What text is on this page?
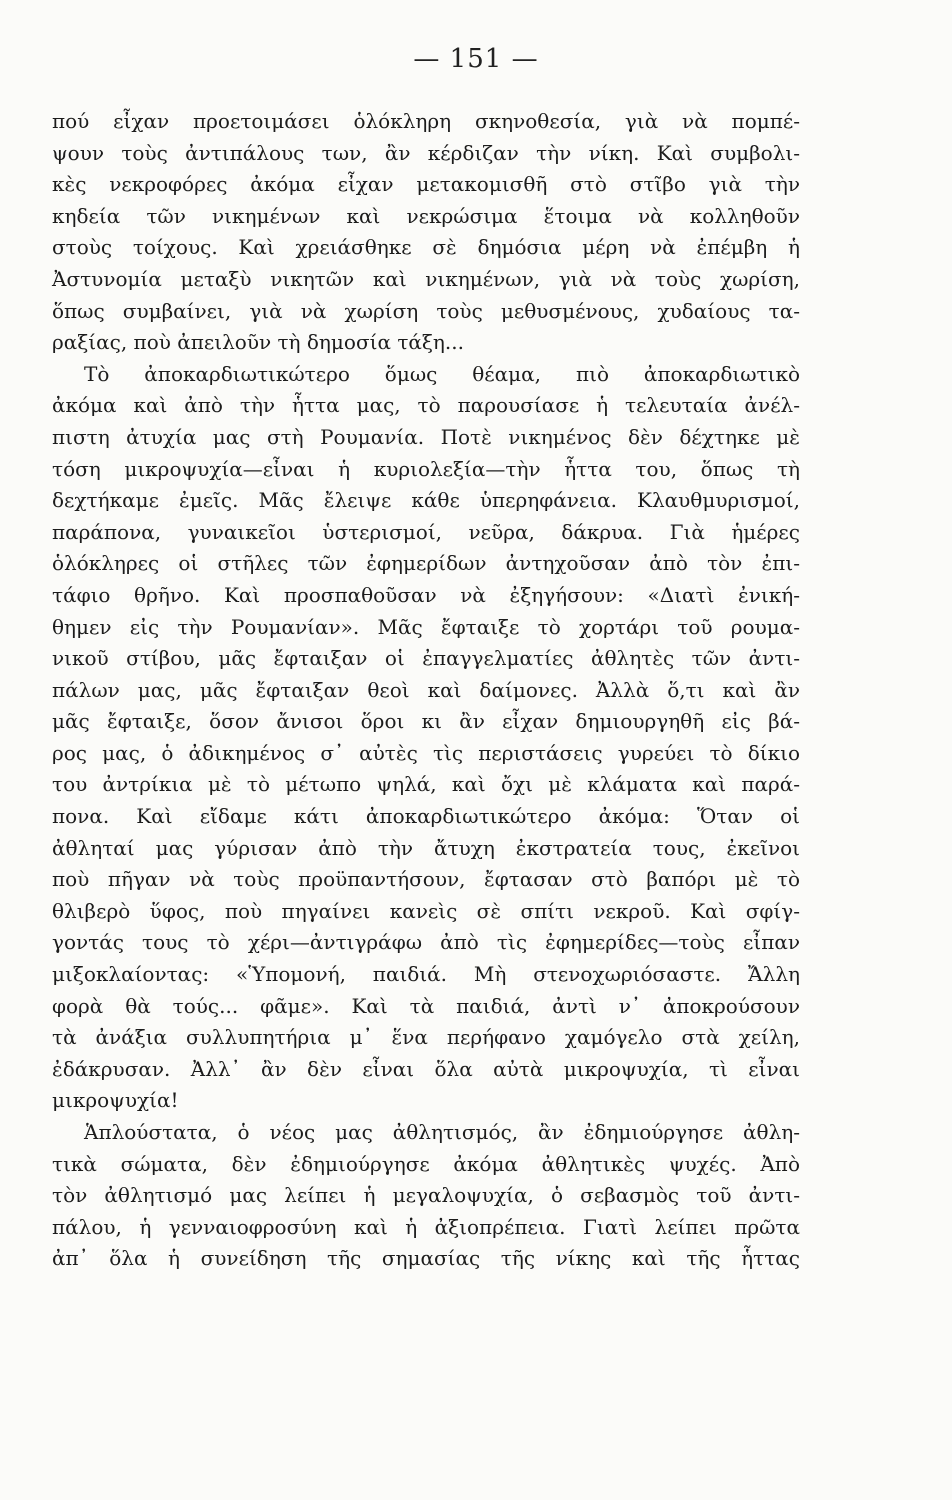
— 151 —
πού εἶχαν προετοιμάσει ὁλόκληρη σκηνοθεσία, γιὰ νὰ πομπέ-
ψουν τοὺς ἀντιπάλους των, ἂν κέρδιζαν τὴν νίκη. Καὶ συμβολι-
κὲς νεκροφόρες ἀκόμα εἶχαν μετακομισθῆ στὸ στῖβο γιὰ τὴν
κηδεία τῶν νικημένων καὶ νεκρώσιμα ἕτοιμα νὰ κολληθοῦν
στοὺς τοίχους. Καὶ χρειάσθηκε σὲ δημόσια μέρη νὰ ἐπέμβη ἡ
Ἀστυνομία μεταξὺ νικητῶν καὶ νικημένων, γιὰ νὰ τοὺς χωρίση,
ὅπως συμβαίνει, γιὰ νὰ χωρίση τοὺς μεθυσμένους, χυδαίους τα-
ραξίας, ποὺ ἀπειλοῦν τὴ δημοσία τάξη...
Τὸ ἀποκαρδιωτικώτερο ὅμως θέαμα, πιὸ ἀποκαρδιωτικὸ
ἀκόμα καὶ ἀπὸ τὴν ἧττα μας, τὸ παρουσίασε ἡ τελευταία ἀνέλ-
πιστη ἀτυχία μας στὴ Ρουμανία. Ποτὲ νικημένος δὲν δέχτηκε μὲ
τόση μικροψυχία—εἶναι ἡ κυριολεξία—τὴν ἧττα του, ὅπως τὴ
δεχτήκαμε ἐμεῖς. Μᾶς ἔλειψε κάθε ὑπερηφάνεια. Κλαυθμυρισμοί,
παράπονα, γυναικεῖοι ὑστερισμοί, νεῦρα, δάκρυα. Γιὰ ἡμέρες
ὁλόκληρες οἱ στῆλες τῶν ἐφημερίδων ἀντηχοῦσαν ἀπὸ τὸν ἐπι-
τάφιο θρῆνο. Καὶ προσπαθοῦσαν νὰ ἐξηγήσουν: «Διατὶ ἐνική-
θημεν εἰς τὴν Ρουμανίαν». Μᾶς ἔφταιξε τὸ χορτάρι τοῦ ρουμα-
νικοῦ στίβου, μᾶς ἔφταιξαν οἱ ἐπαγγελματίες ἀθλητὲς τῶν ἀντι-
πάλων μας, μᾶς ἔφταιξαν θεοὶ καὶ δαίμονες. Ἀλλὰ ὅ,τι καὶ ἂν
μᾶς ἔφταιξε, ὅσον ἄνισοι ὅροι κι ἂν εἶχαν δημιουργηθῆ εἰς βά-
ρος μας, ὁ ἀδικημένος σ᾽ αὐτὲς τὶς περιστάσεις γυρεύει τὸ δίκιο
του ἀντρίκια μὲ τὸ μέτωπο ψηλά, καὶ ὄχι μὲ κλάματα καὶ παρά-
πονα. Καὶ εἴδαμε κάτι ἀποκαρδιωτικώτερο ἀκόμα: Ὅταν οἱ
ἀθληταί μας γύρισαν ἀπὸ τὴν ἄτυχη ἐκστρατεία τους, ἐκεῖνοι
ποὺ πῆγαν νὰ τοὺς προϋπαντήσουν, ἔφτασαν στὸ βαπόρι μὲ τὸ
θλιβερὸ ὕφος, ποὺ πηγαίνει κανεὶς σὲ σπίτι νεκροῦ. Καὶ σφίγ-
γοντάς τους τὸ χέρι—ἀντιγράφω ἀπὸ τὶς ἐφημερίδες—τοὺς εἶπαν
μιξοκλαίοντας: «Ὑπομονή, παιδιά. Μὴ στενοχωριόσαστε. Ἄλλη
φορὰ θὰ τούς... φᾶμε». Καὶ τὰ παιδιά, ἀντὶ ν᾽ ἀποκρούσουν
τὰ ἀνάξια συλλυπητήρια μ᾽ ἕνα περήφανο χαμόγελο στὰ χείλη,
ἐδάκρυσαν. Ἀλλ᾽ ἂν δὲν εἶναι ὅλα αὐτὰ μικροψυχία, τὶ εἶναι
μικροψυχία!
Ἁπλούστατα, ὁ νέος μας ἀθλητισμός, ἂν ἐδημιούργησε ἀθλη-
τικὰ σώματα, δὲν ἐδημιούργησε ἀκόμα ἀθλητικὲς ψυχές. Ἀπὸ
τὸν ἀθλητισμό μας λείπει ἡ μεγαλοψυχία, ὁ σεβασμὸς τοῦ ἀντι-
πάλου, ἡ γενναιοφροσύνη καὶ ἡ ἀξιοπρέπεια. Γιατὶ λείπει πρῶτα
ἀπ᾽ ὅλα ἡ συνείδηση τῆς σημασίας τῆς νίκης καὶ τῆς ἧττας
